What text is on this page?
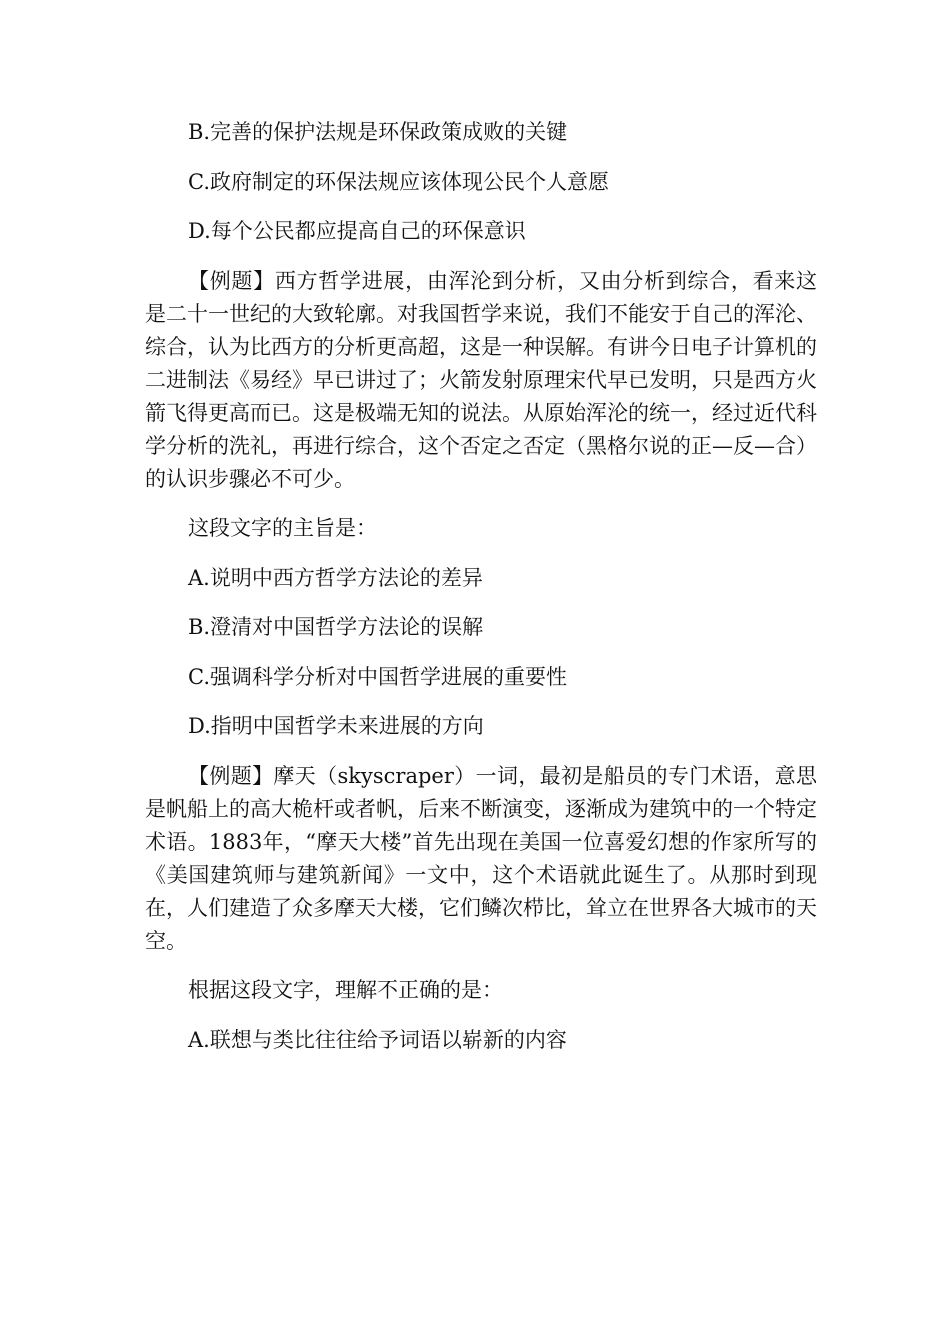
B.完善的保护法规是环保政策成败的关键

C.政府制定的环保法规应该体现公民个人意愿

D.每个公民都应提高自己的环保意识

【例题】西方哲学进展，由浑沦到分析，又由分析到综合，看来这是二十一世纪的大致轮廓。对我国哲学来说，我们不能安于自己的浑沦、综合，认为比西方的分析更高超，这是一种误解。有讲今日电子计算机的二进制法《易经》早已讲过了；火箭发射原理宋代早已发明，只是西方火箭飞得更高而已。这是极端无知的说法。从原始浑沦的统一，经过近代科学分析的洗礼，再进行综合，这个否定之否定（黑格尔说的正—反—合）的认识步骤必不可少。

这段文字的主旨是：

A.说明中西方哲学方法论的差异

B.澄清对中国哲学方法论的误解

C.强调科学分析对中国哲学进展的重要性

D.指明中国哲学未来进展的方向

【例题】摩天（skyscraper）一词，最初是船员的专门术语，意思是帆船上的高大桅杆或者帆，后来不断演变，逐渐成为建筑中的一个特定术语。1883年，“摩天大楼”首先出现在美国一位喜爱幻想的作家所写的《美国建筑师与建筑新闻》一文中，这个术语就此诞生了。从那时到现在，人们建造了众多摩天大楼，它们鳞次栉比，耸立在世界各大城市的天空。

根据这段文字，理解不正确的是：

A.联想与类比往往给予词语以崭新的内容
